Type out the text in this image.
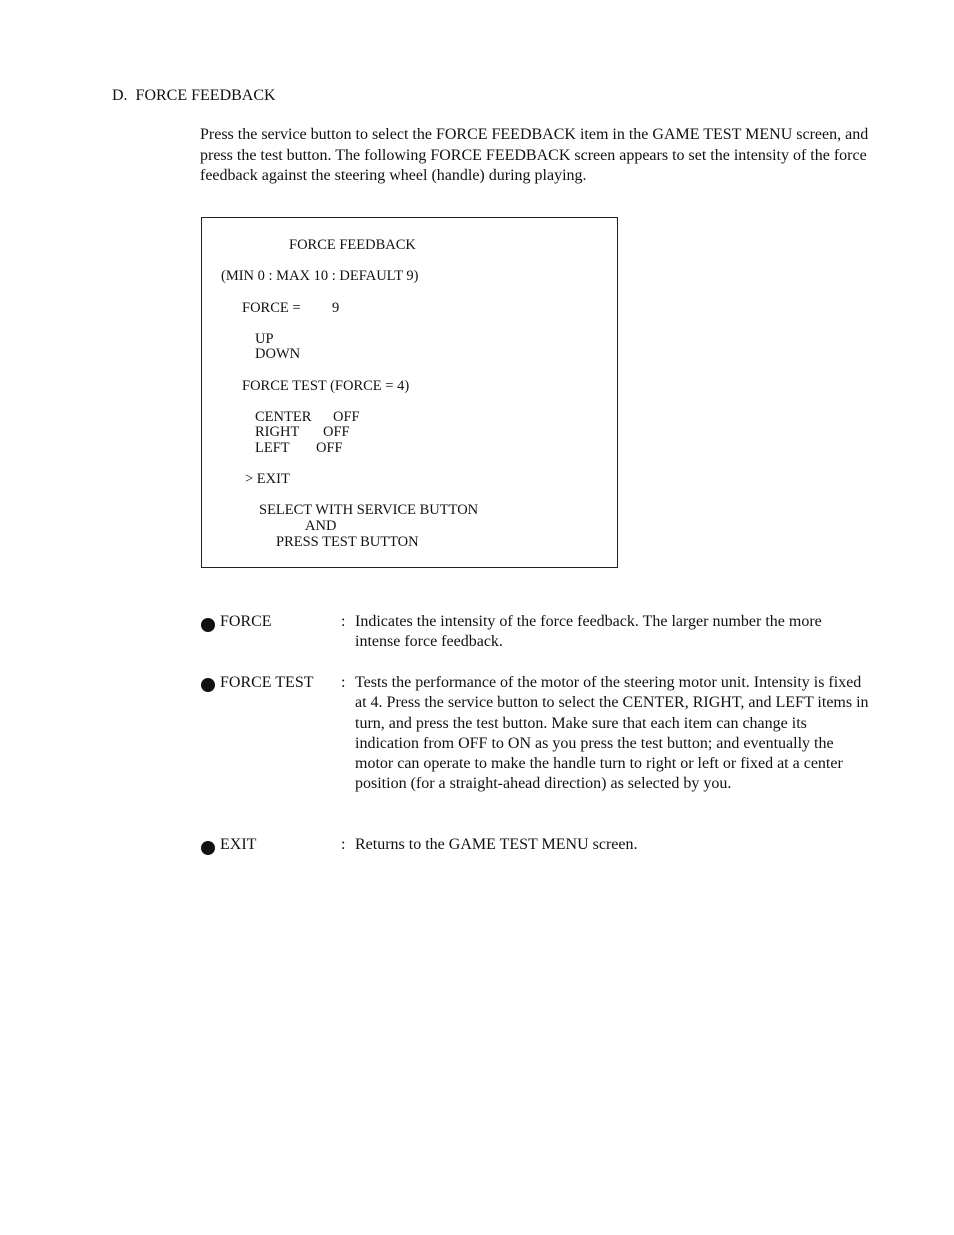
D.  FORCE FEEDBACK
Press the service button to select the FORCE FEEDBACK item in the GAME TEST MENU screen, and press the test button. The following FORCE FEEDBACK screen appears to set the intensity of the force feedback against the steering wheel (handle) during playing.
FORCE FEEDBACK
(MIN 0 : MAX 10 : DEFAULT 9)
FORCE = 9
UP
DOWN
FORCE TEST (FORCE = 4)
CENTER OFF
RIGHT OFF
LEFT OFF
> EXIT
SELECT WITH SERVICE BUTTON
AND
PRESS TEST BUTTON
FORCE	: Indicates the intensity of the force feedback. The larger number the more intense force feedback.
FORCE TEST : Tests the performance of the motor of the steering motor unit. Intensity is fixed at 4. Press the service button to select the CENTER, RIGHT, and LEFT items in turn, and press the test button. Make sure that each item can change its indication from OFF to ON as you press the test button; and eventually the motor can operate to make the handle turn to right or left or fixed at a center position (for a straight-ahead direction) as selected by you.
EXIT	: Returns to the GAME TEST MENU screen.
